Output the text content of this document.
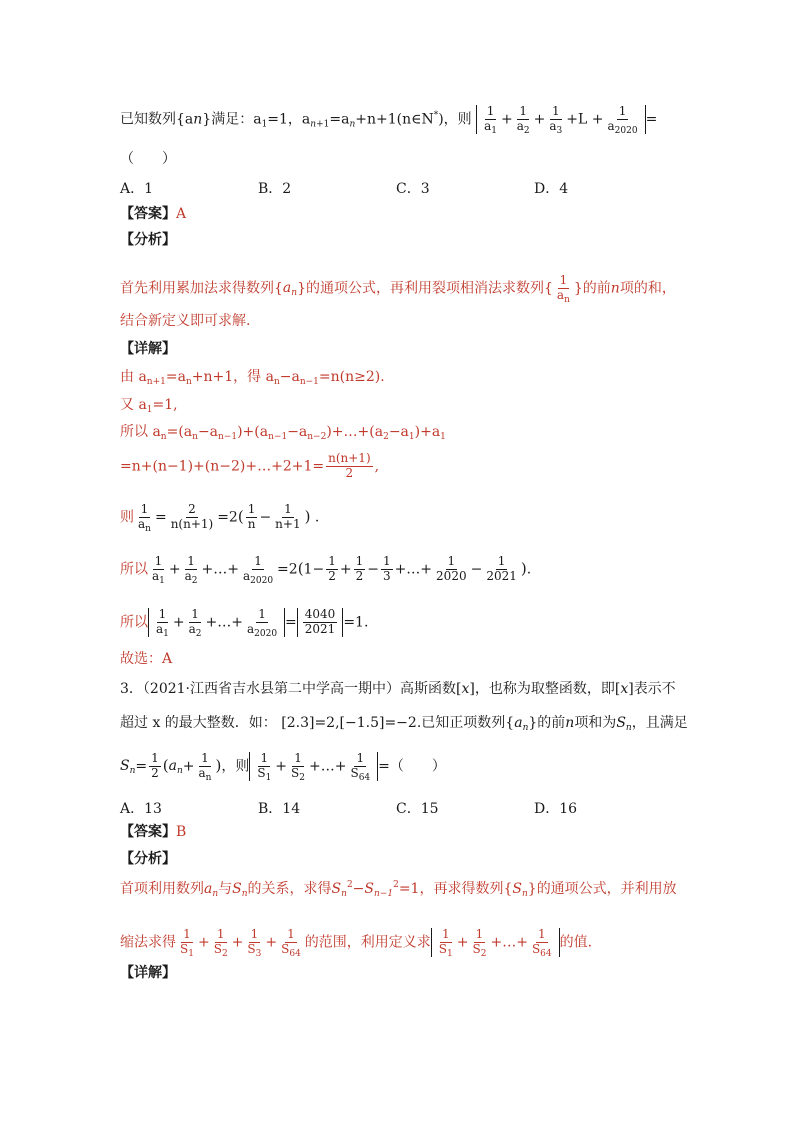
已知数列{an}满足：$a_1=1$，$a_{n+1}=a_n+n+1(n\in N^*)$，则 $\frac{1}{a_1} + \frac{1}{a_2} + \frac{1}{a_3} +L + \frac{1}{a_{2020}}$ =
（　　）
A．1	B．2	C．3	D．4
【答案】A
【分析】
首先利用累加法求得数列$\{a_n\}$的通项公式，再利用裂项相消法求数列{ $\frac{1}{a_n}$ }的前n项的和，
结合新定义即可求解.
【详解】
由 $a_{n+1}=a_n+n+1$，得 $a_n-a_{n-1}=n(n\ge 2)$.
又 $a_1=1$,
所以 $a_n=(a_n-a_{n-1})+(a_{n-1}-a_{n-2})+\dots+(a_2-a_1)+a_1$
=n+(n−1)+(n−2)+…+2+1= $\frac{n(n+1)}{2}$ ,
则 $\frac{1}{a_n} = \frac{2}{n(n+1)} =2( \frac{1}{n} - \frac{1}{n+1}$ ) .
所以 $\frac{1}{a_1} + \frac{1}{a_2}$ +…+ $\frac{1}{a_{2020}} =2(1- \frac{1}{2} + \frac{1}{2} - \frac{1}{3}$ +…+ $\frac{1}{2020} - \frac{1}{2021}$ ).
所以 $\frac{1}{a_1} + \frac{1}{a_2}$ +…+ $\frac{1}{a_{2020}} = \frac{4040}{2021} =1$.
故选：A
3．（2021·江西省吉水县第二中学高一期中）高斯函数[x]，也称为取整函数，即[x]表示不
超过 x 的最大整数．如： [2.3]=2,[−1.5]=−2.已知正项数列$\{a_n\}$的前n项和为$S_n$，且满足
$S_n= \frac{1}{2} (a_n+ \frac{1}{a_n}$ )，则 $\frac{1}{S_1} + \frac{1}{S_2}$ +…+ $\frac{1}{S_{64}}$ =（　　）
A．13	B．14	C．15	D．16
【答案】B
【分析】
首项利用数列$a_n$与$S_n$的关系，求得$S_n^2-S_{n-1}^2=1$，再求得数列$\{S_n\}$的通项公式，并利用放
缩法求得 $\frac{1}{S_1} + \frac{1}{S_2} + \frac{1}{S_3} + \frac{1}{S_{64}}$ 的范围，利用定义求 $\frac{1}{S_1} + \frac{1}{S_2}$ +…+ $\frac{1}{S_{64}}$ 的值.
【详解】
